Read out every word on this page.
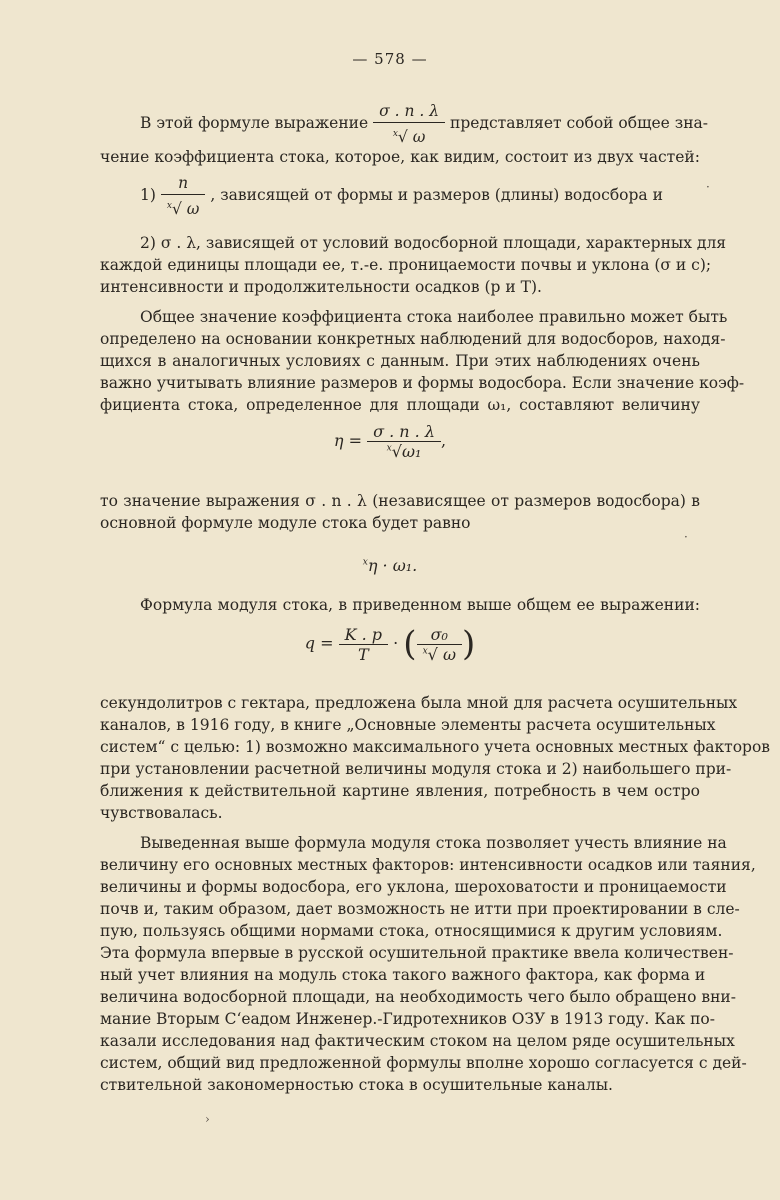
— 578 —
В этой формуле выражение $\frac{\sigma . n . \lambda}{^x√ \omega}$ представляет собой общее зна-
чение коэффициента стока, которое, как видим, состоит из двух частей:
$1) \frac{n}{^x√ \omega}$ , зависящей от формы и размеров (длины) водосбора и
2) σ . λ, зависящей от условий водосборной площади, характерных для
каждой единицы площади ее, т.-е. проницаемости почвы и уклона (σ и c);
интенсивности и продолжительности осадков (p и T).
Общее значение коэффициента стока наиболее правильно может быть
определено на основании конкретных наблюдений для водосборов, находя-
щихся в аналогичных условиях с данным. При этих наблюдениях очень
важно учитывать влияние размеров и формы водосбора. Если значение коэф-
фициента стока, определенное для площади ω₁, составляют величину
$\eta = \frac{\sigma . n . \lambda}{^x√\omega_1}$ ,
то значение выражения σ . n . λ (независящее от размеров водосбора) в
основной формуле модуле стока будет равно
$^x$η · ω₁.
Формула модуля стока, в приведенном выше общем ее выражении:
$q = \frac{K . p}{T}$ · ( $\frac{\text{σ₀}}{^x√ \omega}$ )
секундолитров с гектара, предложена была мной для расчета осушительных
каналов, в 1916 году, в книге „Основные элементы расчета осушительных
систем“ с целью: 1) возможно максимального учета основных местных факторов
при установлении расчетной величины модуля стока и 2) наибольшего при-
ближения к действительной картине явления, потребность в чем остро
чувствовалась.
Выведенная выше формула модуля стока позволяет учесть влияние на
величину его основных местных факторов: интенсивности осадков или таяния,
величины и формы водосбора, его уклона, шероховатости и проницаемости
почв и, таким образом, дает возможность не итти при проектировании в сле-
пую, пользуясь общими нормами стока, относящимися к другим условиям.
Эта формула впервые в русской осушительной практике ввела количествен-
ный учет влияния на модуль стока такого важного фактора, как форма и
величина водосборной площади, на необходимость чего было обращено вни-
мание Вторым С‘еадом Инженер.-Гидротехников ОЗУ в 1913 году. Как по-
казали исследования над фактическим стоком на целом ряде осушительных
систем, общий вид предложенной формулы вполне хорошо согласуется с дей-
ствительной закономерностью стока в осушительные каналы.
·
·
›
